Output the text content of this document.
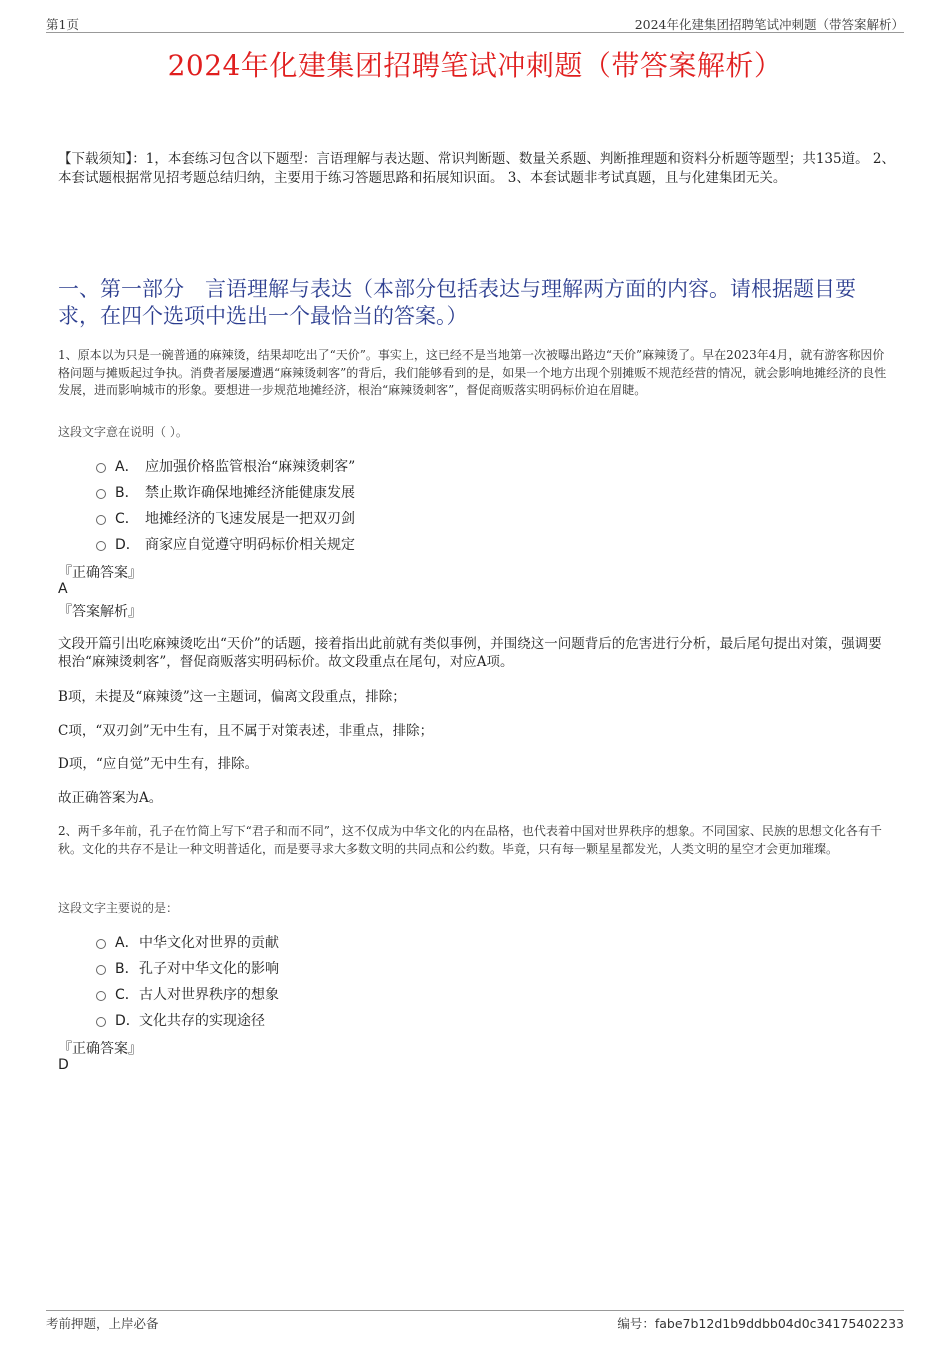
第1页	2024年化建集团招聘笔试冲刺题（带答案解析）
2024年化建集团招聘笔试冲刺题（带答案解析）
【下载须知】：1，本套练习包含以下题型：言语理解与表达题、常识判断题、数量关系题、判断推理题和资料分析题等题型；共135道。 2、本套试题根据常见招考题总结归纳，主要用于练习答题思路和拓展知识面。 3、本套试题非考试真题，且与化建集团无关。
一、第一部分　言语理解与表达（本部分包括表达与理解两方面的内容。请根据题目要求，在四个选项中选出一个最恰当的答案。）
1、原本以为只是一碗普通的麻辣烫，结果却吃出了“天价”。事实上，这已经不是当地第一次被曝出路边“天价”麻辣烫了。早在2023年4月，就有游客称因价格问题与摊贩起过争执。消费者屡屡遭遇“麻辣烫刺客”的背后，我们能够看到的是，如果一个地方出现个别摊贩不规范经营的情况，就会影响地摊经济的良性发展，进而影响城市的形象。要想进一步规范地摊经济，根治“麻辣烫刺客”，督促商贩落实明码标价迫在眉睫。
这段文字意在说明（ ）。
A． 应加强价格监管根治“麻辣烫刺客”
B． 禁止欺诈确保地摊经济能健康发展
C． 地摊经济的飞速发展是一把双刃剑
D． 商家应自觉遵守明码标价相关规定
『正确答案』
A
『答案解析』
文段开篇引出吃麻辣烫吃出“天价”的话题，接着指出此前就有类似事例，并围绕这一问题背后的危害进行分析，最后尾句提出对策，强调要根治“麻辣烫刺客”，督促商贩落实明码标价。故文段重点在尾句，对应A项。
B项，未提及“麻辣烫”这一主题词，偏离文段重点，排除；
C项，“双刃剑”无中生有，且不属于对策表述，非重点，排除；
D项，“应自觉”无中生有，排除。
故正确答案为A。
2、两千多年前，孔子在竹简上写下“君子和而不同”，这不仅成为中华文化的内在品格，也代表着中国对世界秩序的想象。不同国家、民族的思想文化各有千秋。文化的共存不是让一种文明普适化，而是要寻求大多数文明的共同点和公约数。毕竟，只有每一颗星星都发光，人类文明的星空才会更加璀璨。
这段文字主要说的是：
A． 中华文化对世界的贡献
B． 孔子对中华文化的影响
C． 古人对世界秩序的想象
D． 文化共存的实现途径
『正确答案』
D
考前押题，上岸必备	编号：fabe7b12d1b9ddbb04d0c34175402233
